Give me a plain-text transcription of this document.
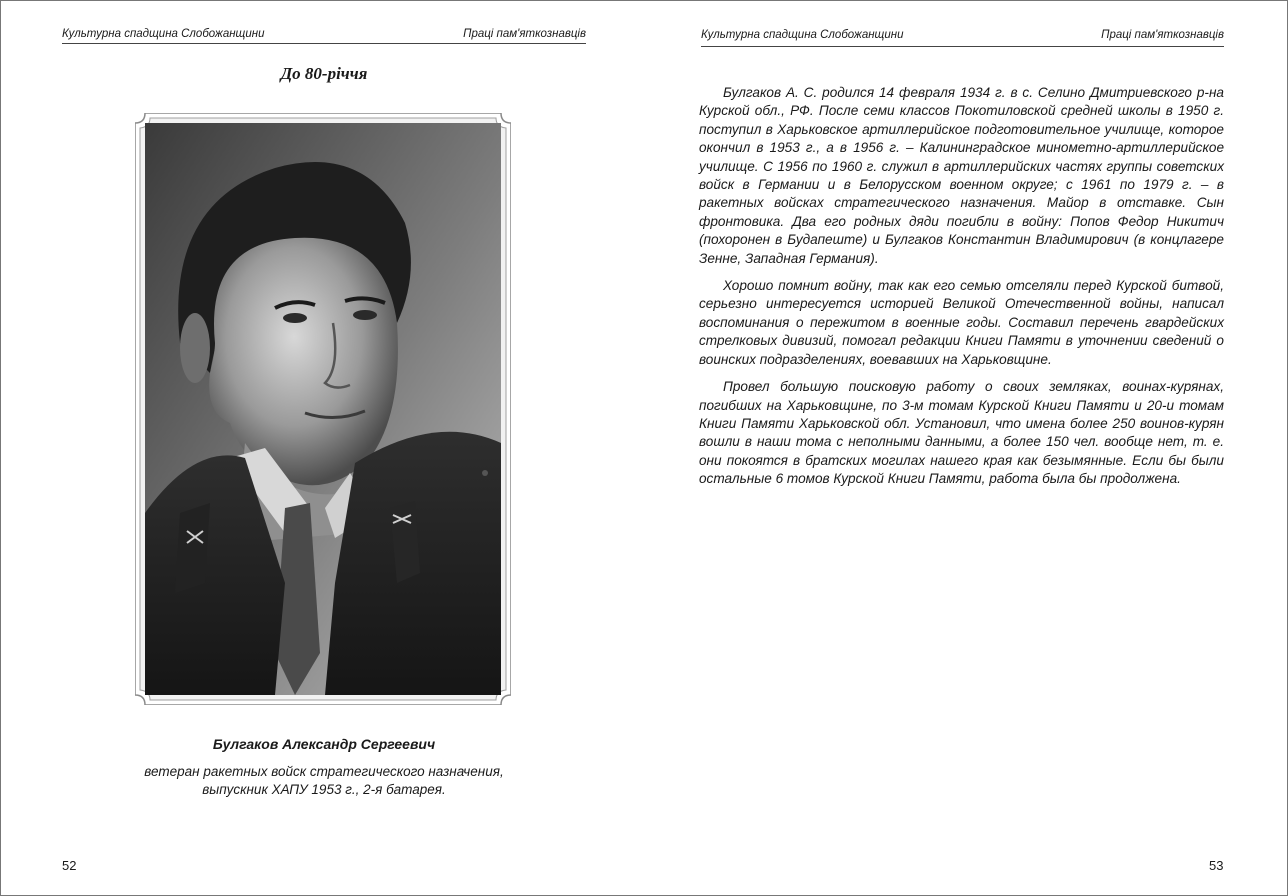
Культурна спадщина Слобожанщини	Праці пам'яткознавців
До 80-річчя
Булгаков Александр Сергеевич
ветеран ракетных войск стратегического назначения,
выпускник ХАПУ 1953 г., 2-я батарея.
52
Культурна спадщина Слобожанщини	Праці пам'яткознавців

Булгаков А. С. родился 14 февраля 1934 г. в с. Селино Дмитриевского р-на Курской обл., РФ. После семи классов Покотиловской средней школы в 1950 г. поступил в Харьковское артиллерийское подготовительное училище, которое окончил в 1953 г., а в 1956 г. – Калининградское минометно-артиллерийское училище. С 1956 по 1960 г. служил в артиллерийских частях группы советских войск в Германии и в Белорусском военном округе; с 1961 по 1979 г. – в ракетных войсках стратегического назначения. Майор в отставке. Сын фронтовика. Два его родных дяди погибли в войну: Попов Федор Никитич (похоронен в Будапеште) и Булгаков Константин Владимирович (в концлагере Зенне, Западная Германия).

Хорошо помнит войну, так как его семью отселяли перед Курской битвой, серьезно интересуется историей Великой Отечественной войны, написал воспоминания о пережитом в военные годы. Составил перечень гвардейских стрелковых дивизий, помогал редакции Книги Памяти в уточнении сведений о воинских подразделениях, воевавших на Харьковщине.

Провел большую поисковую работу о своих земляках, воинах-курянах, погибших на Харьковщине, по 3-м томам Курской Книги Памяти и 20-и томам Книги Памяти Харьковской обл. Установил, что имена более 250 воинов-курян вошли в наши тома с неполными данными, а более 150 чел. вообще нет, т. е. они покоятся в братских могилах нашего края как безымянные. Если бы были остальные 6 томов Курской Книги Памяти, работа была бы продолжена.

53
